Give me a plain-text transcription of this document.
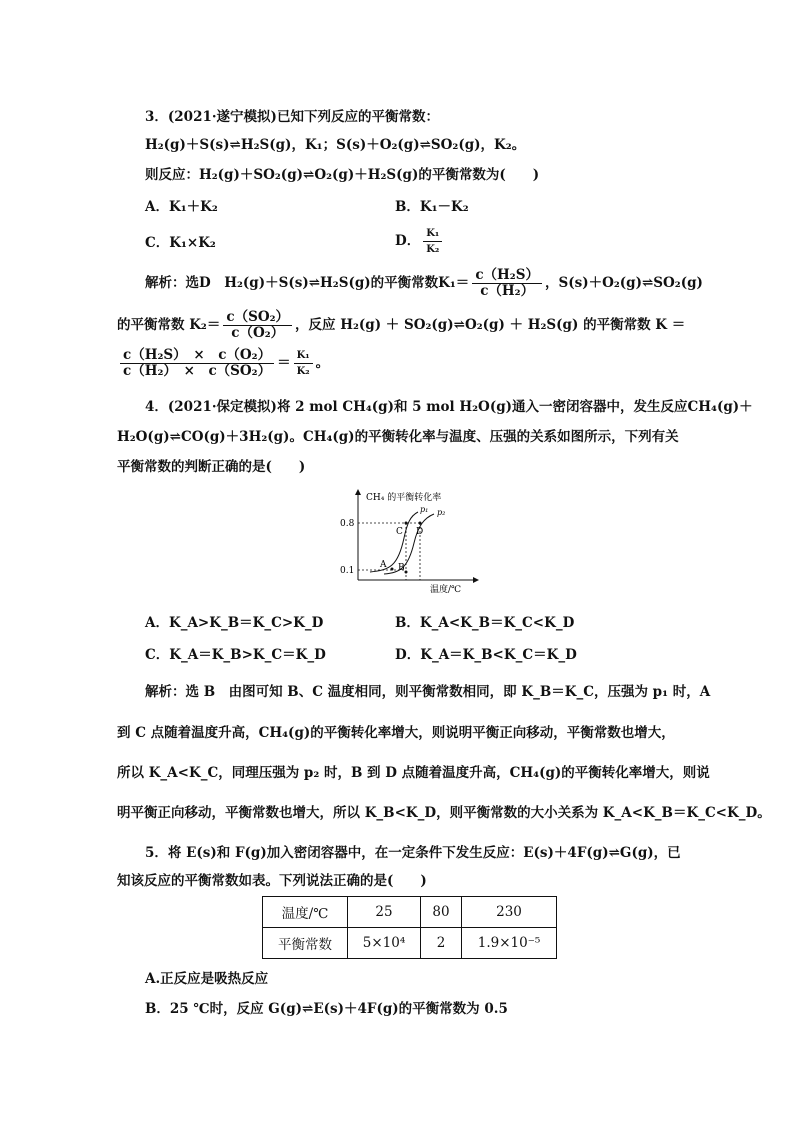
3．(2021·遂宁模拟)已知下列反应的平衡常数：
H₂(g)＋S(s)⇌H₂S(g)，K₁；S(s)＋O₂(g)⇌SO₂(g)，K₂。
则反应：H₂(g)＋SO₂(g)⇌O₂(g)＋H₂S(g)的平衡常数为(　　)
A．K₁＋K₂	B．K₁－K₂
C．K₁×K₂	D． $\frac{\text{K₁}}{\text{K₂}}$
解析：选D　H₂(g)＋S(s)⇌H₂S(g)的平衡常数$K_1= \frac{\text{c（H₂S）}}{\text{c（H₂）}}$ ，S(s)＋O₂(g)⇌SO₂(g)
的平衡常数 $K_2= \frac{\text{c（SO₂）}}{\text{c（O₂）}}$ ，反应 H₂(g) ＋ SO₂(g)⇌O₂(g) ＋ H₂S(g) 的平衡常数 K ＝
$\frac{\text{c（H₂S）　×　c（O₂）}}{\text{c（H₂）　×　c（SO₂）}} = \frac{\text{K₁}}{\text{K₂}}$ 。
4．(2021·保定模拟)将 2 mol CH₄(g)和 5 mol H₂O(g)通入一密闭容器中，发生反应CH₄(g)＋
H₂O(g)⇌CO(g)＋3H₂(g)。CH₄(g)的平衡转化率与温度、压强的关系如图所示，下列有关
平衡常数的判断正确的是(　　)
CH₄ 的平衡转化率
温度/℃
0.8
0.1
A B
C D
p₁ p₂
A．K_A>K_B＝K_C>K_D	B．K_A<K_B＝K_C<K_D
C．K_A＝K_B>K_C＝K_D	D．K_A＝K_B<K_C＝K_D
解析：选 B　由图可知 B、C 温度相同，则平衡常数相同，即 K_B＝K_C，压强为 p₁ 时，A
到 C 点随着温度升高，CH₄(g)的平衡转化率增大，则说明平衡正向移动，平衡常数也增大，
所以 K_A<K_C，同理压强为 p₂ 时，B 到 D 点随着温度升高，CH₄(g)的平衡转化率增大，则说
明平衡正向移动，平衡常数也增大，所以 K_B<K_D，则平衡常数的大小关系为 K_A<K_B＝K_C<K_D。
5．将 E(s)和 F(g)加入密闭容器中，在一定条件下发生反应：E(s)＋4F(g)⇌G(g)，已
知该反应的平衡常数如表。下列说法正确的是(　　)
温度/℃	25	80	230
平衡常数	5×10⁴	2	1.9×10⁻⁵
A.正反应是吸热反应
B．25 ℃时，反应 G(g)⇌E(s)＋4F(g)的平衡常数为 0.5
